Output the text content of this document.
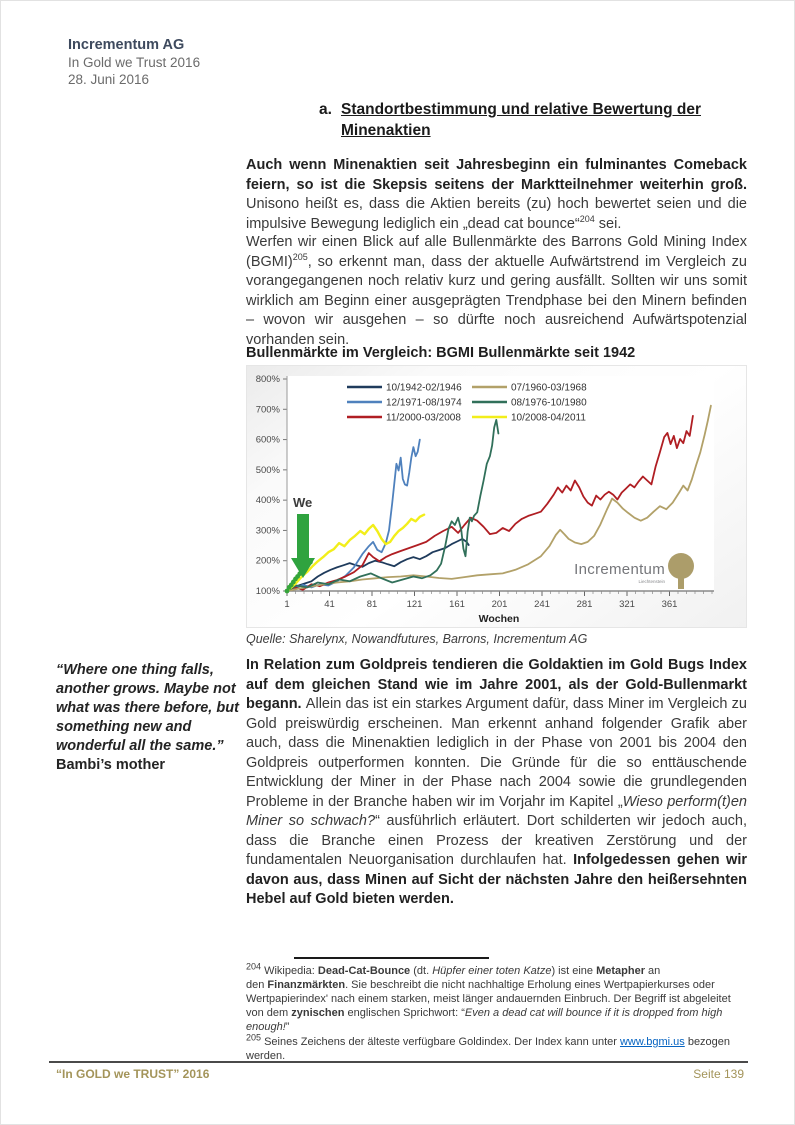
Incrementum AG
In Gold we Trust 2016
28. Juni 2016
a. Standortbestimmung und relative Bewertung der Minenaktien
Auch wenn Minenaktien seit Jahresbeginn ein fulminantes Comeback feiern, so ist die Skepsis seitens der Marktteilnehmer weiterhin groß. Unisono heißt es, dass die Aktien bereits (zu) hoch bewertet seien und die impulsive Bewegung lediglich ein „dead cat bounce“$^{204}$ sei.
Werfen wir einen Blick auf alle Bullenmärkte des Barrons Gold Mining Index (BGMI)$^{205}$, so erkennt man, dass der aktuelle Aufwärtstrend im Vergleich zu vorangegangenen noch relativ kurz und gering ausfällt. Sollten wir uns somit wirklich am Beginn einer ausgeprägten Trendphase bei den Minern befinden – wovon wir ausgehen – so dürfte noch ausreichend Aufwärtspotenzial vorhanden sein.
Bullenmärkte im Vergleich: BGMI Bullenmärkte seit 1942
100%
200%
300%
400%
500%
600%
700%
800%
1	41	81	121	161	201	241	281	321	361
Wochen
10/1942-02/1946
12/1971-08/1974
11/2000-03/2008
07/1960-03/1968
08/1976-10/1980
10/2008-04/2011
We
Incrementum
Liechtenstein
Quelle: Sharelynx, Nowandfutures, Barrons, Incrementum AG
“Where one thing falls, another grows. Maybe not what was there before, but something new and wonderful all the same.”
Bambi’s mother
In Relation zum Goldpreis tendieren die Goldaktien im Gold Bugs Index auf dem gleichen Stand wie im Jahre 2001, als der Gold-Bullenmarkt begann. Allein das ist ein starkes Argument dafür, dass Miner im Vergleich zu Gold preiswürdig erscheinen. Man erkennt anhand folgender Grafik aber auch, dass die Minenaktien lediglich in der Phase von 2001 bis 2004 den Goldpreis outperformen konnten. Die Gründe für die so enttäuschende Entwicklung der Miner in der Phase nach 2004 sowie die grundlegenden Probleme in der Branche haben wir im Vorjahr im Kapitel „Wieso perform(t)en Miner so schwach?“ ausführlich erläutert. Dort schilderten wir jedoch auch, dass die Branche einen Prozess der kreativen Zerstörung und der fundamentalen Neuorganisation durchlaufen hat. Infolgedessen gehen wir davon aus, dass Minen auf Sicht der nächsten Jahre den heißersehnten Hebel auf Gold bieten werden.
$^{204}$ Wikipedia: Dead-Cat-Bounce (dt. Hüpfer einer toten Katze) ist eine Metapher an
den Finanzmärkten. Sie beschreibt die nicht nachhaltige Erholung eines Wertpapierkurses oder Wertpapierindex' nach einem starken, meist länger andauernden Einbruch. Der Begriff ist abgeleitet von dem zynischen englischen Sprichwort: “Even a dead cat will bounce if it is dropped from high enough!”
$^{205}$ Seines Zeichens der älteste verfügbare Goldindex. Der Index kann unter www.bgmi.us bezogen werden.
“In GOLD we TRUST” 2016	Seite 139
